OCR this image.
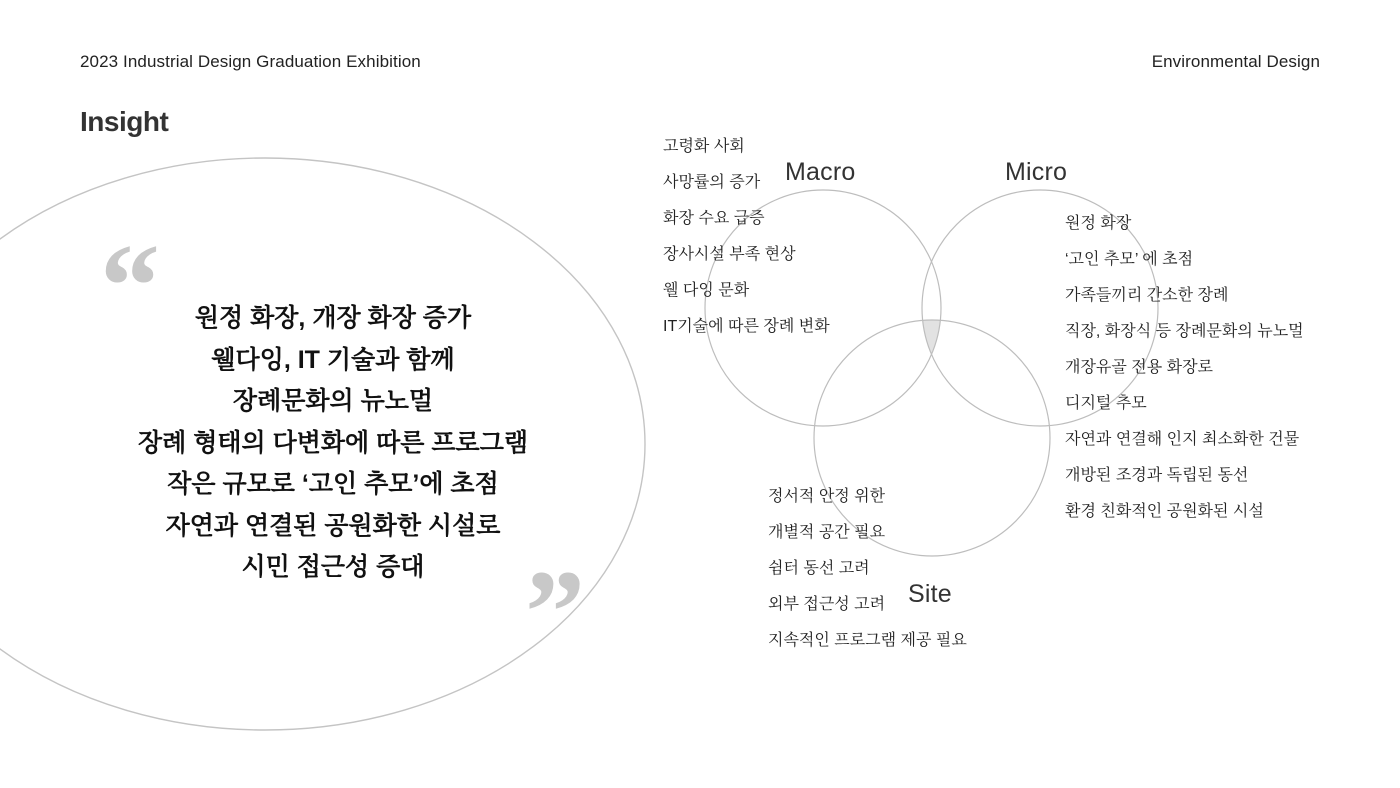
2023 Industrial Design Graduation Exhibition	Environmental Design
Insight
“
”
원정 화장, 개장 화장 증가
웰다잉, IT 기술과 함께
장례문화의 뉴노멀
장례 형태의 다변화에 따른 프로그램
작은 규모로 ‘고인 추모’에 초점
자연과 연결된 공원화한 시설로
시민 접근성 증대
Macro	Micro
Site
고령화 사회
사망률의 증가
화장 수요 급증
장사시설 부족 현상
웰 다잉 문화
IT기술에 따른 장례 변화
원정 화장
‘고인 추모’ 에 초점
가족들끼리 간소한 장례
직장, 화장식 등 장례문화의 뉴노멀
개장유골 전용 화장로
디지털 추모
자연과 연결해 인지 최소화한 건물
개방된 조경과 독립된 동선
환경 친화적인 공원화된 시설
정서적 안정 위한
개별적 공간 필요
쉼터 동선 고려
외부 접근성 고려
지속적인 프로그램 제공 필요
